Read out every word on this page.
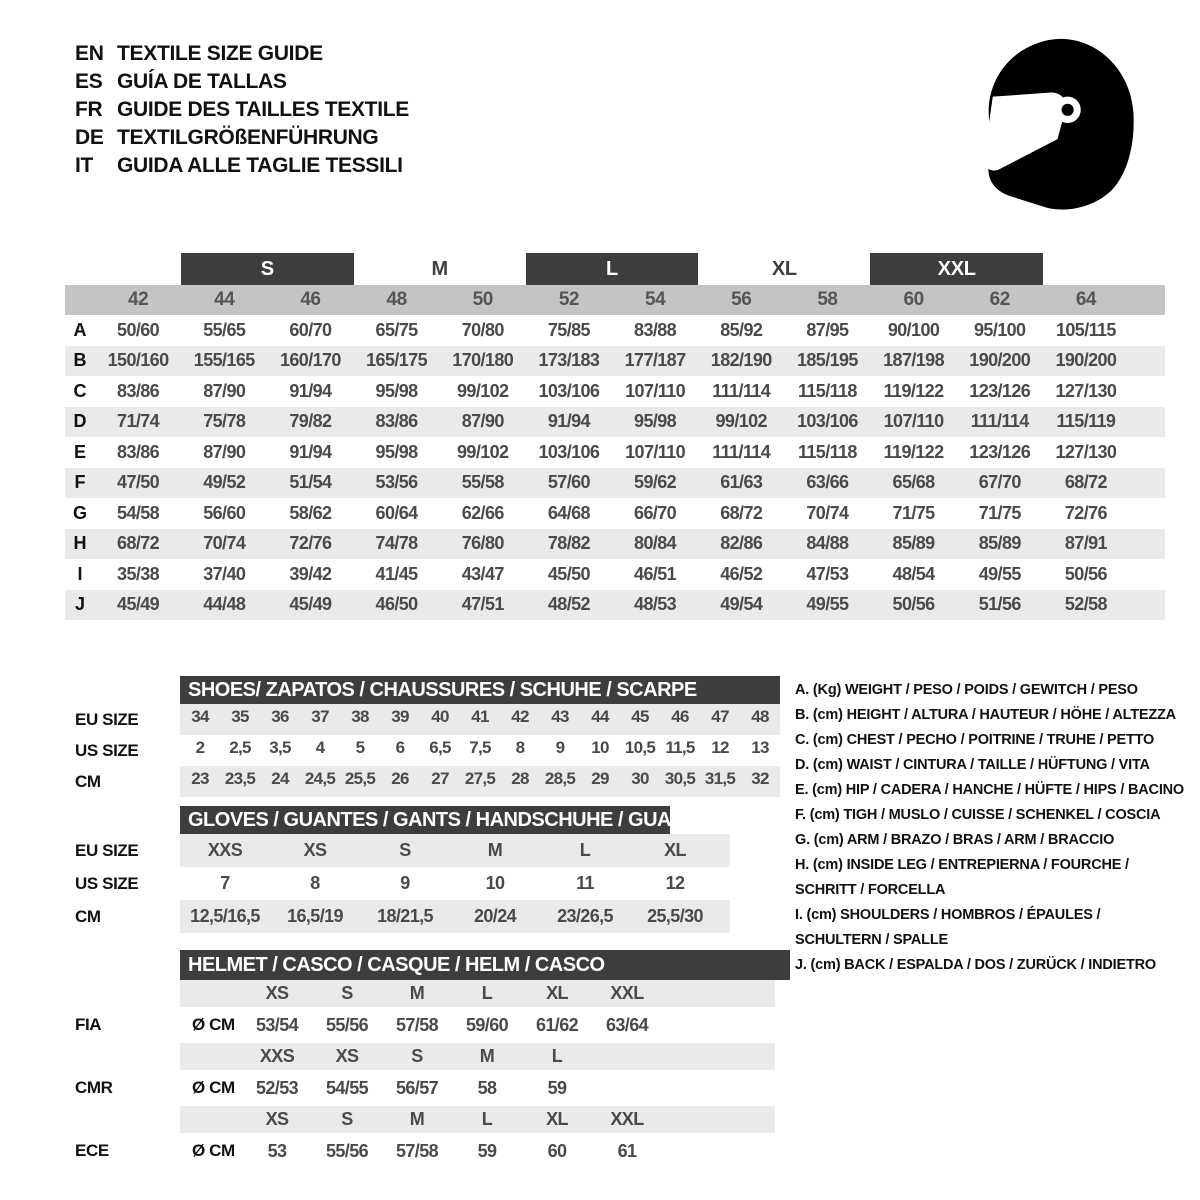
EN TEXTILE SIZE GUIDE
ES GUÍA DE TALLAS
FR GUIDE DES TAILLES TEXTILE
DE TEXTILGRÖßENFÜHRUNG
IT	GUIDA ALLE TAGLIE TESSILI
S	M	L	XL	XXL
42	44	46	48	50	52	54	56	58	60	62	64
A	50/60	55/65	60/70	65/75	70/80	75/85	83/88	85/92	87/95	90/100	95/100	105/115
B	150/160	155/165	160/170	165/175	170/180	173/183	177/187	182/190	185/195	187/198	190/200	190/200
C	83/86	87/90	91/94	95/98	99/102	103/106	107/110	111/114	115/118	119/122	123/126	127/130
D	71/74	75/78	79/82	83/86	87/90	91/94	95/98	99/102	103/106	107/110	111/114	115/119
E	83/86	87/90	91/94	95/98	99/102	103/106	107/110	111/114	115/118	119/122	123/126	127/130
F	47/50	49/52	51/54	53/56	55/58	57/60	59/62	61/63	63/66	65/68	67/70	68/72
G	54/58	56/60	58/62	60/64	62/66	64/68	66/70	68/72	70/74	71/75	71/75	72/76
H	68/72	70/74	72/76	74/78	76/80	78/82	80/84	82/86	84/88	85/89	85/89	87/91
I	35/38	37/40	39/42	41/45	43/47	45/50	46/51	46/52	47/53	48/54	49/55	50/56
J	45/49	44/48	45/49	46/50	47/51	48/52	48/53	49/54	49/55	50/56	51/56	52/58
SHOES/ ZAPATOS / CHAUSSURES / SCHUHE / SCARPE
EU SIZE
US SIZE
CM
34	35	36	37	38	39	40	41	42	43	44	45	46	47	48
2	2,5	3,5	4	5	6	6,5	7,5	8	9	10 10,5 11,5 12	13
23 23,5 24 24,5 25,5 26	27 27,5 28 28,5 29	30 30,5 31,5 32
GLOVES / GUANTES / GANTS / HANDSCHUHE / GUANTI
EU SIZE
US SIZE
CM
XXS	XS	S	M	L	XL
7	8	9	10	11	12
12,5/16,5	16,5/19	18/21,5	20/24	23/26,5	25,5/30
HELMET / CASCO / CASQUE / HELM / CASCO
FIA
CMR
ECE
XS	S	M	L	XL	XXL
Ø CM	53/54	55/56	57/58	59/60	61/62	63/64
XXS	XS	S	M	L
Ø CM	52/53	54/55	56/57	58	59
XS	S	M	L	XL	XXL
Ø CM	53	55/56	57/58	59	60	61
A. (Kg) WEIGHT / PESO / POIDS / GEWITCH / PESO
B. (cm) HEIGHT / ALTURA / HAUTEUR / HÖHE / ALTEZZA
C. (cm) CHEST / PECHO / POITRINE / TRUHE / PETTO
D. (cm) WAIST / CINTURA / TAILLE / HÜFTUNG / VITA
E. (cm) HIP / CADERA / HANCHE / HÜFTE / HIPS / BACINO
F. (cm) TIGH / MUSLO / CUISSE / SCHENKEL / COSCIA
G. (cm) ARM / BRAZO / BRAS / ARM / BRACCIO
H. (cm) INSIDE LEG / ENTREPIERNA / FOURCHE /
SCHRITT / FORCELLA
I. (cm) SHOULDERS / HOMBROS / ÉPAULES /
SCHULTERN / SPALLE
J. (cm) BACK / ESPALDA / DOS / ZURÜCK / INDIETRO
